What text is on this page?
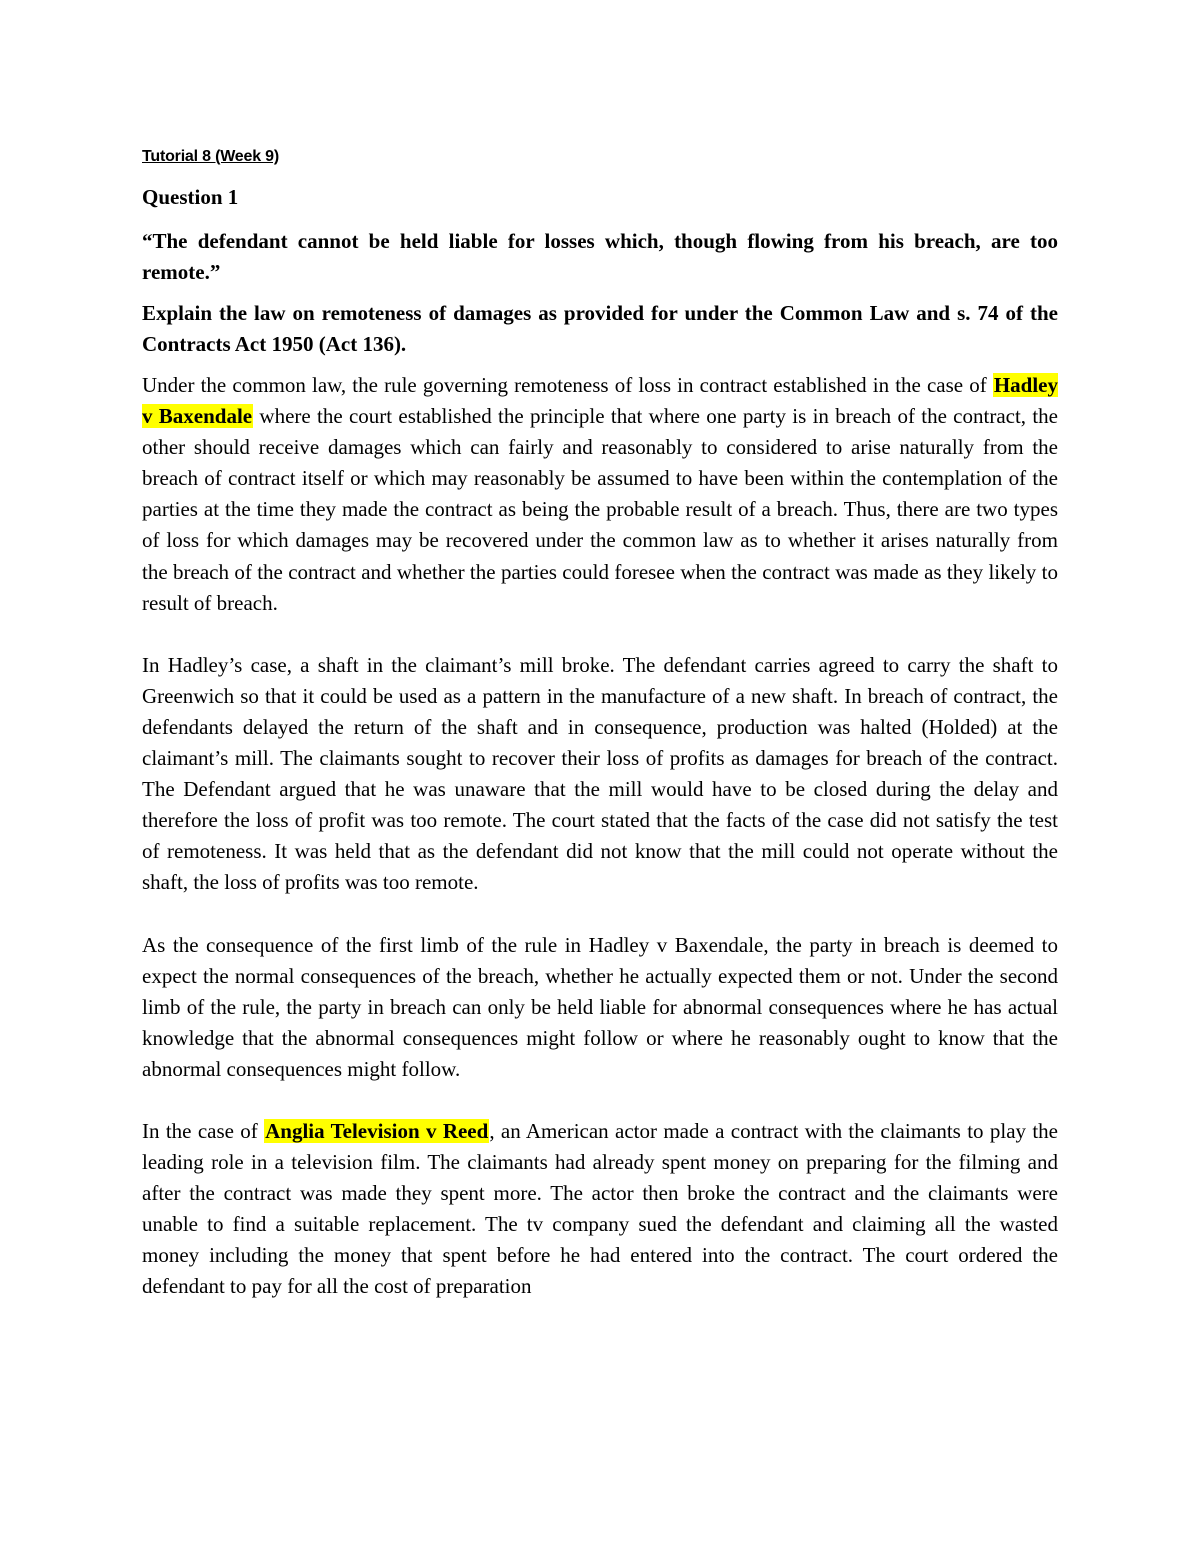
Tutorial 8 (Week 9)

Question 1

“The defendant cannot be held liable for losses which, though flowing from his breach, are too remote.”

Explain the law on remoteness of damages as provided for under the Common Law and s. 74 of the Contracts Act 1950 (Act 136).

Under the common law, the rule governing remoteness of loss in contract established in the case of Hadley v Baxendale where the court established the principle that where one party is in breach of the contract, the other should receive damages which can fairly and reasonably to considered to arise naturally from the breach of contract itself or which may reasonably be assumed to have been within the contemplation of the parties at the time they made the contract as being the probable result of a breach. Thus, there are two types of loss for which damages may be recovered under the common law as to whether it arises naturally from the breach of the contract and whether the parties could foresee when the contract was made as they likely to result of breach.

In Hadley’s case, a shaft in the claimant’s mill broke. The defendant carries agreed to carry the shaft to Greenwich so that it could be used as a pattern in the manufacture of a new shaft. In breach of contract, the defendants delayed the return of the shaft and in consequence, production was halted (Holded) at the claimant’s mill. The claimants sought to recover their loss of profits as damages for breach of the contract. The Defendant argued that he was unaware that the mill would have to be closed during the delay and therefore the loss of profit was too remote. The court stated that the facts of the case did not satisfy the test of remoteness. It was held that as the defendant did not know that the mill could not operate without the shaft, the loss of profits was too remote.

As the consequence of the first limb of the rule in Hadley v Baxendale, the party in breach is deemed to expect the normal consequences of the breach, whether he actually expected them or not. Under the second limb of the rule, the party in breach can only be held liable for abnormal consequences where he has actual knowledge that the abnormal consequences might follow or where he reasonably ought to know that the abnormal consequences might follow.

In the case of Anglia Television v Reed, an American actor made a contract with the claimants to play the leading role in a television film. The claimants had already spent money on preparing for the filming and after the contract was made they spent more. The actor then broke the contract and the claimants were unable to find a suitable replacement. The tv company sued the defendant and claiming all the wasted money including the money that spent before he had entered into the contract. The court ordered the defendant to pay for all the cost of preparation
